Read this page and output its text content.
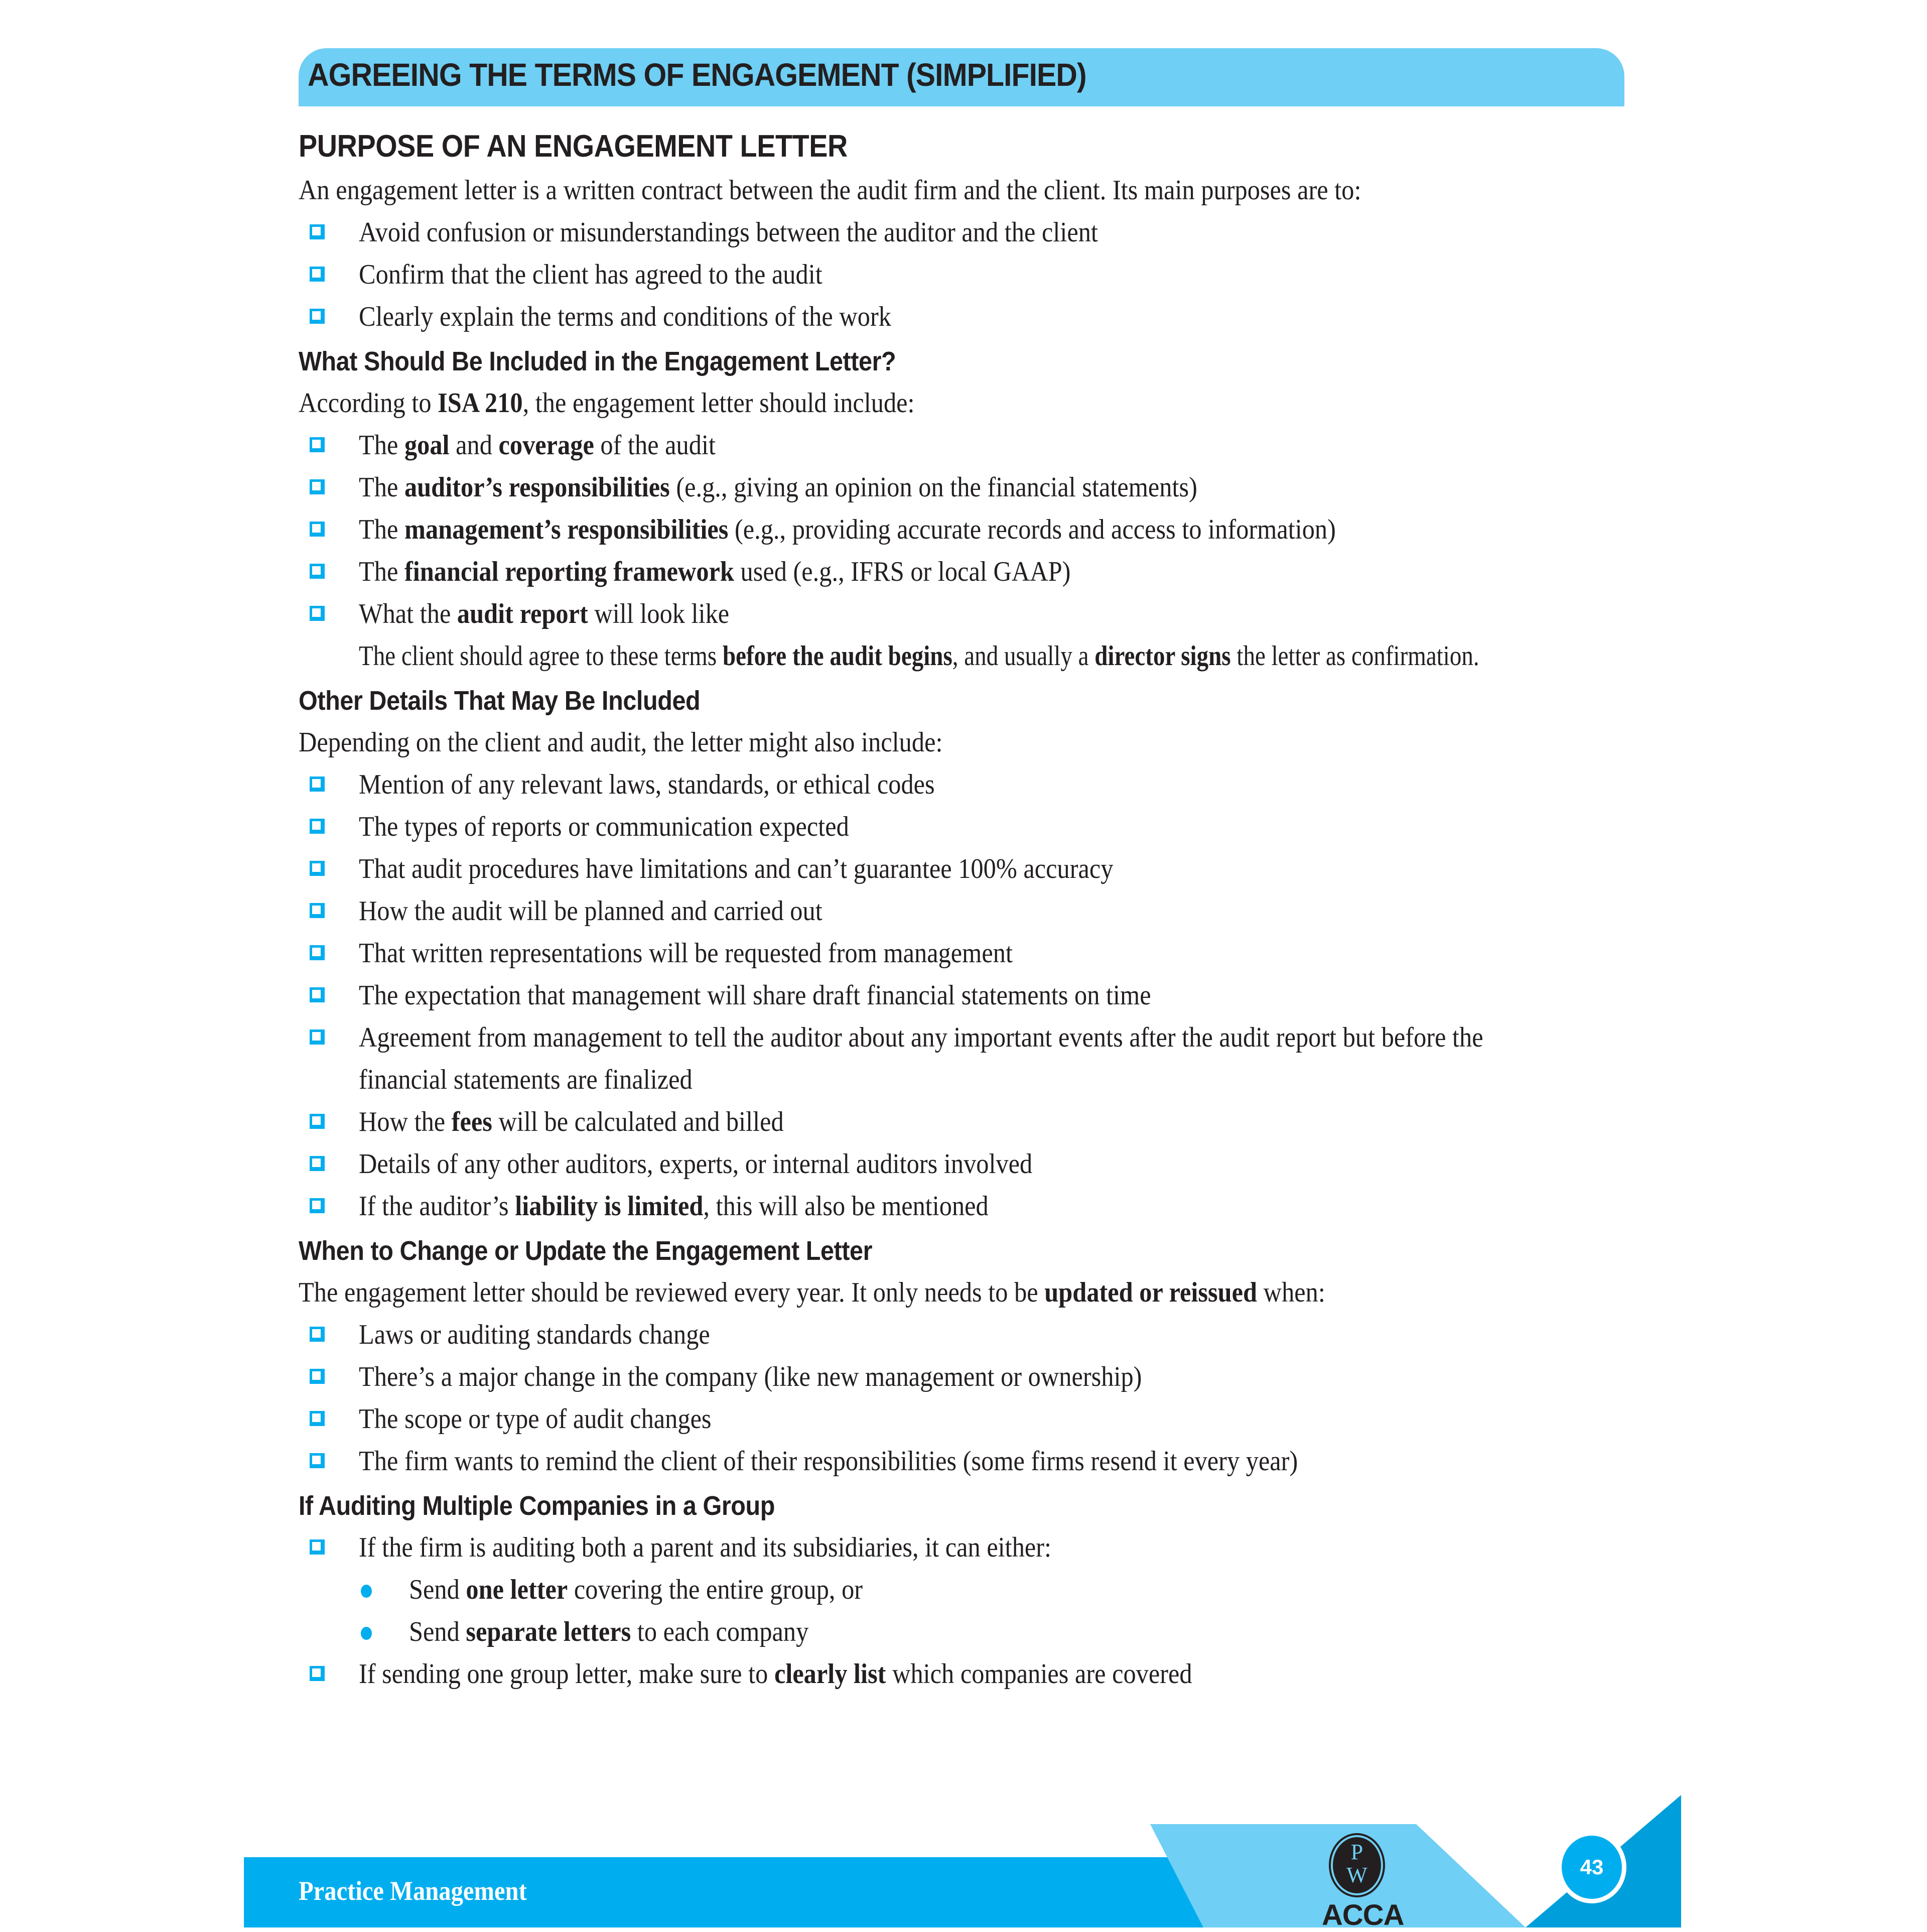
AGREEING THE TERMS OF ENGAGEMENT (SIMPLIFIED)
PURPOSE OF AN ENGAGEMENT LETTER

An engagement letter is a written contract between the audit firm and the client. Its main purposes are to:

Avoid confusion or misunderstandings between the auditor and the client
Confirm that the client has agreed to the audit
Clearly explain the terms and conditions of the work
What Should Be Included in the Engagement Letter?

According to ISA 210, the engagement letter should include:

The goal and coverage of the audit
The auditor’s responsibilities (e.g., giving an opinion on the financial statements)
The management’s responsibilities (e.g., providing accurate records and access to information)
The financial reporting framework used (e.g., IFRS or local GAAP)
What the audit report will look like
The client should agree to these terms before the audit begins, and usually a director signs the letter as confirmation.
Other Details That May Be Included

Depending on the client and audit, the letter might also include:

Mention of any relevant laws, standards, or ethical codes
The types of reports or communication expected
That audit procedures have limitations and can’t guarantee 100% accuracy
How the audit will be planned and carried out
That written representations will be requested from management
The expectation that management will share draft financial statements on time
Agreement from management to tell the auditor about any important events after the audit report but before the
financial statements are finalized
How the fees will be calculated and billed
Details of any other auditors, experts, or internal auditors involved
If the auditor’s liability is limited, this will also be mentioned
When to Change or Update the Engagement Letter

The engagement letter should be reviewed every year. It only needs to be updated or reissued when:

Laws or auditing standards change
There’s a major change in the company (like new management or ownership)
The scope or type of audit changes
The firm wants to remind the client of their responsibilities (some firms resend it every year)
If Auditing Multiple Companies in a Group
If the firm is auditing both a parent and its subsidiaries, it can either:
Send one letter covering the entire group, or
Send separate letters to each company
If sending one group letter, make sure to clearly list which companies are covered
Practice Management
P
W
ACCA
43
